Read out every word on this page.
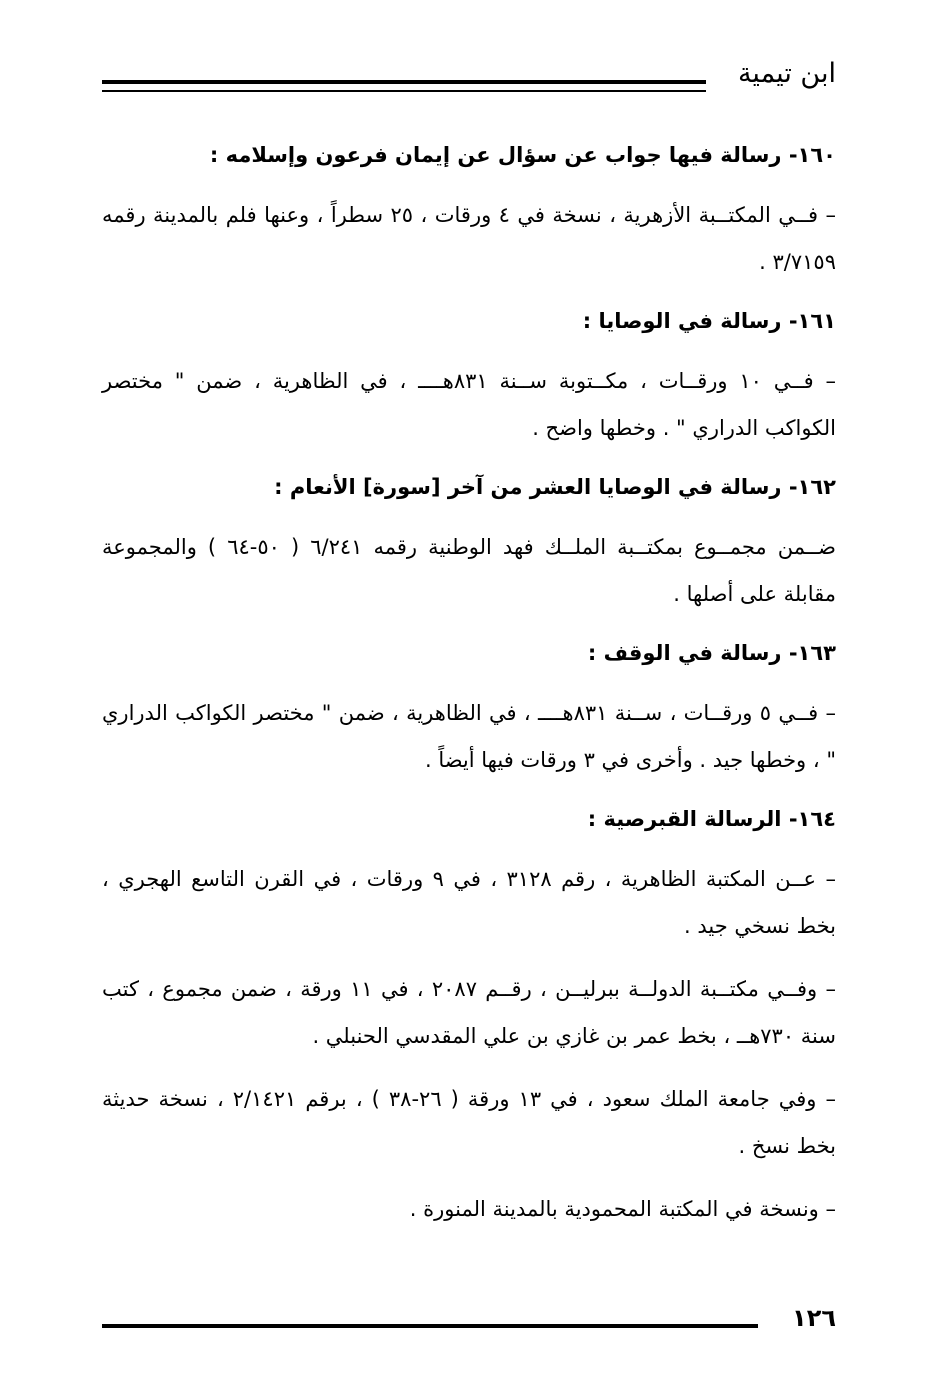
ابن تيمية

١٦٠- رسالة فيها جواب عن سؤال عن إيمان فرعون وإسلامه :

– فــي المكتــبة الأزهرية ، نسخة في ٤ ورقات ، ٢٥ سطراً ، وعنها فلم بالمدينة رقمه ٣/٧١٥٩ .

١٦١- رسالة في الوصايا :

– فــي ١٠ ورقــات ، مكــتوبة ســنة ٨٣١هــــ ، في الظاهرية ، ضمن " مختصر الكواكب الدراري " . وخطها واضح .

١٦٢- رسالة في الوصايا العشر من آخر [سورة] الأنعام :

ضــمن مجمــوع بمكتــبة الملــك فهد الوطنية رقمه ٦/٢٤١ ( ٥٠-٦٤ ) والمجموعة مقابلة على أصلها .

١٦٣- رسالة في الوقف :

– فــي ٥ ورقــات ، ســنة ٨٣١هــــ ، في الظاهرية ، ضمن " مختصر الكواكب الدراري " ، وخطها جيد . وأخرى في ٣ ورقات فيها أيضاً .

١٦٤- الرسالة القبرصية :

– عــن المكتبة الظاهرية ، رقم ٣١٢٨ ، في ٩ ورقات ، في القرن التاسع الهجري ، بخط نسخي جيد .

– وفــي مكتــبة الدولــة ببرليــن ، رقــم ٢٠٨٧ ، في ١١ ورقة ، ضمن مجموع ، كتب سنة ٧٣٠هــ ، بخط عمر بن غازي بن علي المقدسي الحنبلي .

– وفي جامعة الملك سعود ، في ١٣ ورقة ( ٢٦-٣٨ ) ، برقم ٢/١٤٢١ ، نسخة حديثة بخط نسخ .

– ونسخة في المكتبة المحمودية بالمدينة المنورة .

١٢٦
